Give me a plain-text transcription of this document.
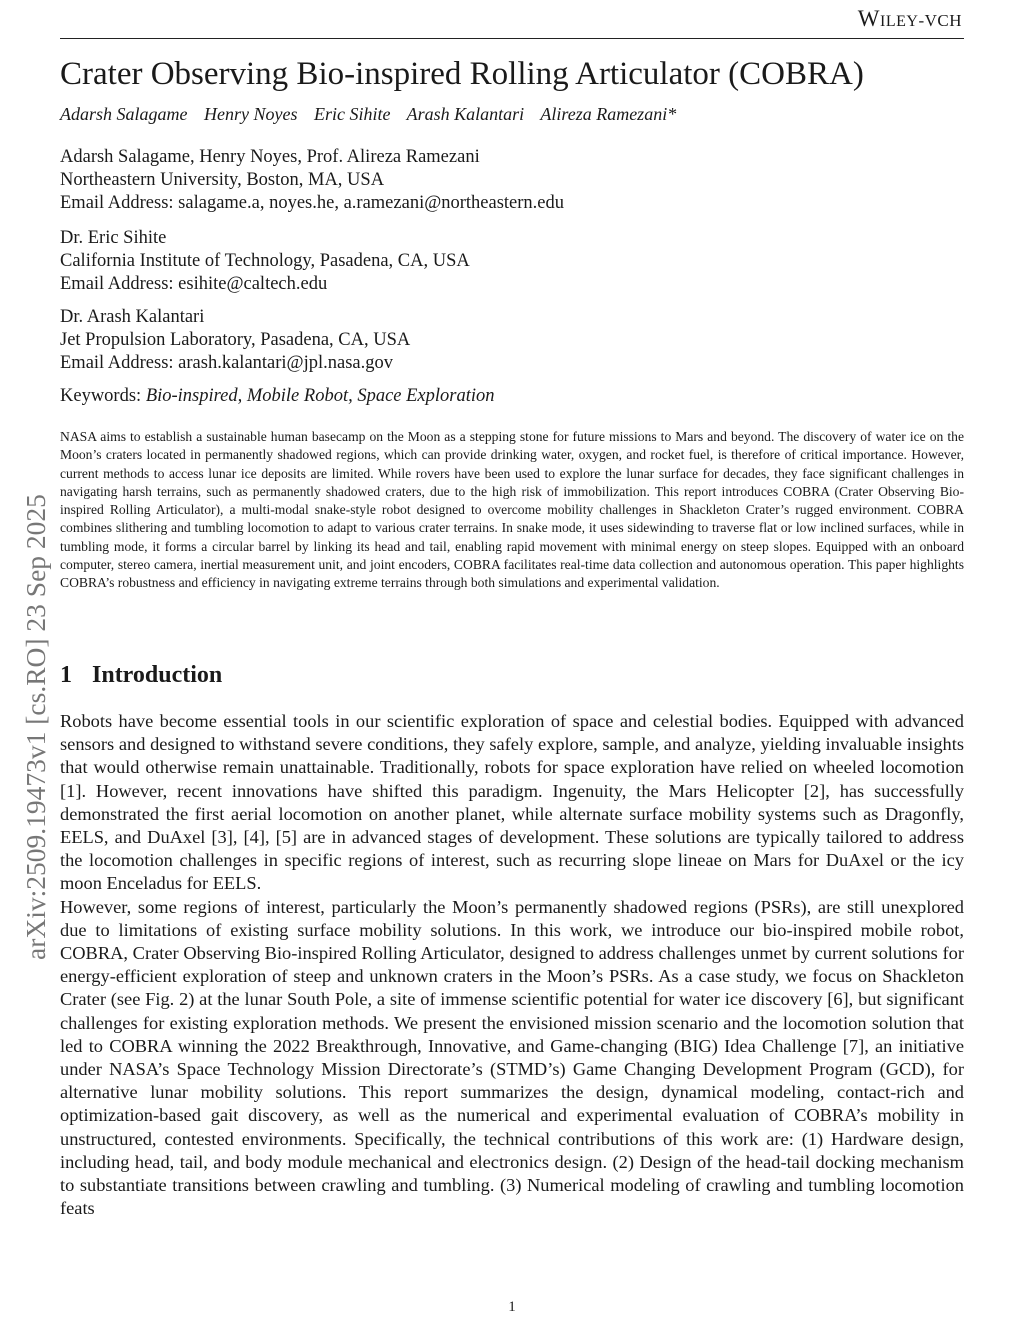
Wiley-VCH
arXiv:2509.19473v1 [cs.RO] 23 Sep 2025
Crater Observing Bio-inspired Rolling Articulator (COBRA)
Adarsh Salagame Henry Noyes Eric Sihite Arash Kalantari Alireza Ramezani*
Adarsh Salagame, Henry Noyes, Prof. Alireza Ramezani
Northeastern University, Boston, MA, USA
Email Address: salagame.a, noyes.he, a.ramezani@northeastern.edu
Dr. Eric Sihite
California Institute of Technology, Pasadena, CA, USA
Email Address: esihite@caltech.edu
Dr. Arash Kalantari
Jet Propulsion Laboratory, Pasadena, CA, USA
Email Address: arash.kalantari@jpl.nasa.gov
Keywords: Bio-inspired, Mobile Robot, Space Exploration
NASA aims to establish a sustainable human basecamp on the Moon as a stepping stone for future missions to Mars and beyond. The discovery of water ice on the Moon’s craters located in permanently shadowed regions, which can provide drinking water, oxygen, and rocket fuel, is therefore of critical importance. However, current methods to access lunar ice deposits are limited. While rovers have been used to explore the lunar surface for decades, they face significant challenges in navigating harsh terrains, such as permanently shadowed craters, due to the high risk of immobilization. This report introduces COBRA (Crater Observing Bio-inspired Rolling Articulator), a multi-modal snake-style robot designed to overcome mobility challenges in Shackleton Crater’s rugged environment. COBRA combines slithering and tumbling locomotion to adapt to various crater terrains. In snake mode, it uses sidewinding to traverse flat or low inclined surfaces, while in tumbling mode, it forms a circular barrel by linking its head and tail, enabling rapid movement with minimal energy on steep slopes. Equipped with an onboard computer, stereo camera, inertial measurement unit, and joint encoders, COBRA facilitates real-time data collection and autonomous operation. This paper highlights COBRA’s robustness and efficiency in navigating extreme terrains through both simulations and experimental validation.
1 Introduction

Robots have become essential tools in our scientific exploration of space and celestial bodies. Equipped with advanced sensors and designed to withstand severe conditions, they safely explore, sample, and analyze, yielding invaluable insights that would otherwise remain unattainable. Traditionally, robots for space exploration have relied on wheeled locomotion [1]. However, recent innovations have shifted this paradigm. Ingenuity, the Mars Helicopter [2], has successfully demonstrated the first aerial locomotion on another planet, while alternate surface mobility systems such as Dragonfly, EELS, and DuAxel [3], [4], [5] are in advanced stages of development. These solutions are typically tailored to address the locomotion challenges in specific regions of interest, such as recurring slope lineae on Mars for DuAxel or the icy moon Enceladus for EELS.

However, some regions of interest, particularly the Moon’s permanently shadowed regions (PSRs), are still unexplored due to limitations of existing surface mobility solutions. In this work, we introduce our bio-inspired mobile robot, COBRA, Crater Observing Bio-inspired Rolling Articulator, designed to address challenges unmet by current solutions for energy-efficient exploration of steep and unknown craters in the Moon’s PSRs. As a case study, we focus on Shackleton Crater (see Fig. 2) at the lunar South Pole, a site of immense scientific potential for water ice discovery [6], but significant challenges for existing exploration methods. We present the envisioned mission scenario and the locomotion solution that led to COBRA winning the 2022 Breakthrough, Innovative, and Game-changing (BIG) Idea Challenge [7], an initiative under NASA’s Space Technology Mission Directorate’s (STMD’s) Game Changing Development Program (GCD), for alternative lunar mobility solutions. This report summarizes the design, dynamical modeling, contact-rich and optimization-based gait discovery, as well as the numerical and experimental evaluation of COBRA’s mobility in unstructured, contested environments. Specifically, the technical contributions of this work are: (1) Hardware design, including head, tail, and body module mechanical and electronics design. (2) Design of the head-tail docking mechanism to substantiate transitions between crawling and tumbling. (3) Numerical modeling of crawling and tumbling locomotion feats

1
